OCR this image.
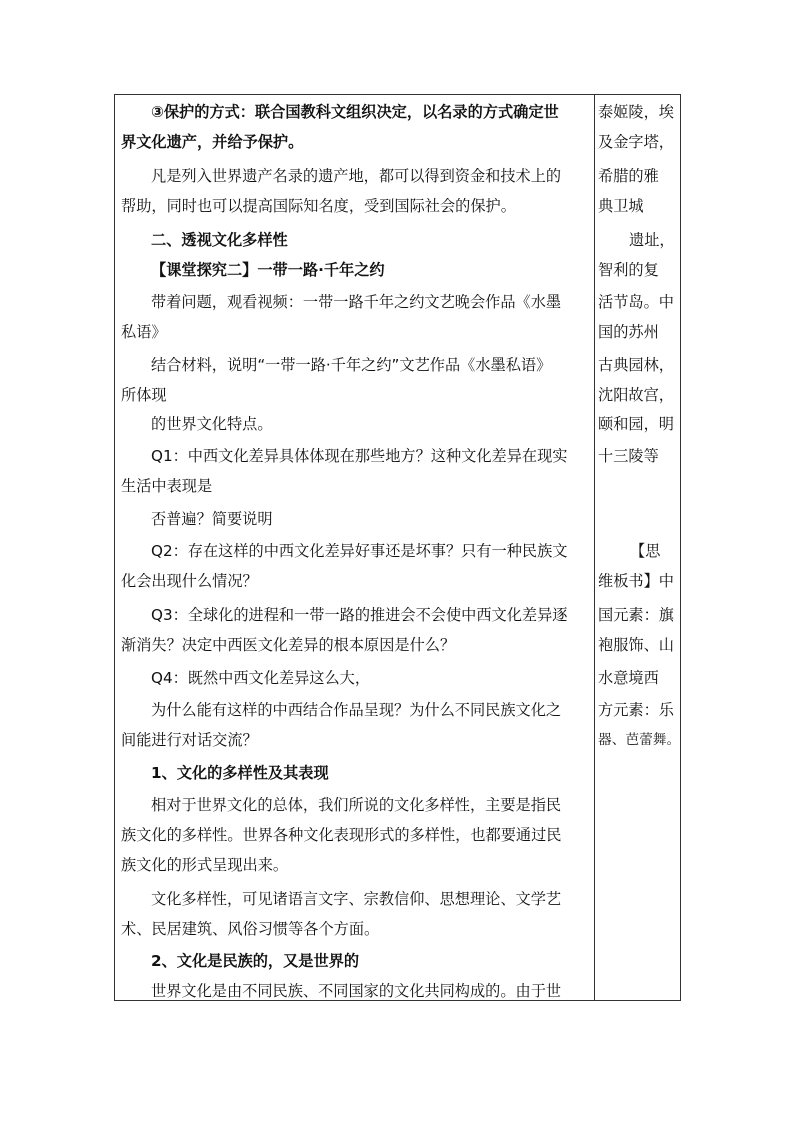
③保护的方式：联合国教科文组织决定，以名录的方式确定世
界文化遗产，并给予保护。
凡是列入世界遗产名录的遗产地，都可以得到资金和技术上的
帮助，同时也可以提高国际知名度，受到国际社会的保护。
二、透视文化多样性
【课堂探究二】一带一路·千年之约
带着问题，观看视频：一带一路千年之约文艺晚会作品《水墨
私语》
结合材料，说明“一带一路·千年之约”文艺作品《水墨私语》
所体现
的世界文化特点。
Q1：中西文化差异具体体现在那些地方？这种文化差异在现实
生活中表现是
否普遍？简要说明
Q2：存在这样的中西文化差异好事还是坏事？只有一种民族文
化会出现什么情况？
Q3：全球化的进程和一带一路的推进会不会使中西文化差异逐
渐消失？决定中西医文化差异的根本原因是什么？
Q4：既然中西文化差异这么大，
为什么能有这样的中西结合作品呈现？为什么不同民族文化之
间能进行对话交流？
1、文化的多样性及其表现
相对于世界文化的总体，我们所说的文化多样性，主要是指民
族文化的多样性。世界各种文化表现形式的多样性，也都要通过民
族文化的形式呈现出来。
文化多样性，可见诸语言文字、宗教信仰、思想理论、文学艺
术、民居建筑、风俗习惯等各个方面。
2、文化是民族的，又是世界的
世界文化是由不同民族、不同国家的文化共同构成的。由于世
泰姬陵，埃
及金字塔，
希腊的雅
典卫城
遗址，
智利的复
活节岛。中
国的苏州
古典园林，
沈阳故宫，
颐和园，明
十三陵等
【思
维板书】中
国元素：旗
袍服饰、山
水意境西
方元素：乐
器、芭蕾舞。
